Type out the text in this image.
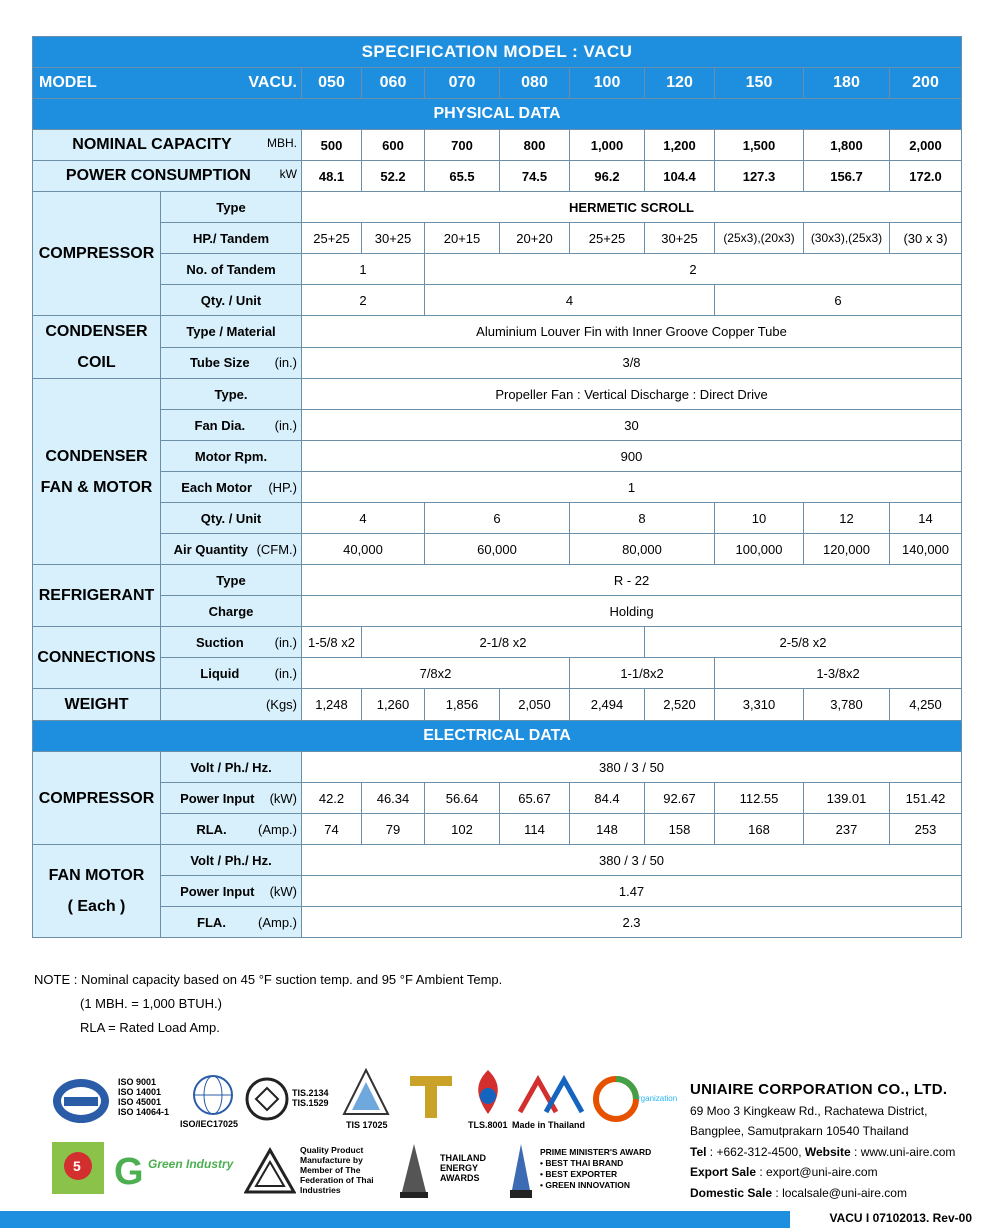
SPECIFICATION MODEL : VACU										
MODEL VACU.		050	060	070	080	100	120	150	180	200
PHYSICAL DATA										
NOMINAL CAPACITY MBH.		500	600	700	800	1,000	1,200	1,500	1,800	2,000
POWER CONSUMPTION kW		48.1	52.2	65.5	74.5	96.2	104.4	127.3	156.7	172.0
COMPRESSOR	Type	HERMETIC SCROLL								
	HP./ Tandem	25+25	30+25	20+15	20+20	25+25	30+25	(25x3),(20x3)	(30x3),(25x3)	(30 x 3)
	No. of Tandem	1		2						
	Qty. / Unit	2		4				6		
CONDENSER
COIL	Type / Material	Aluminium Louver Fin with Inner Groove Copper Tube								
	Tube Size (in.)	3/8								
CONDENSER
FAN & MOTOR	Type.	Propeller Fan : Vertical Discharge : Direct Drive								
	Fan Dia. (in.)	30								
	Motor Rpm.	900								
	Each Motor (HP.)	1								
	Qty. / Unit	4		6		8		10	12	14
	Air Quantity (CFM.)	40,000		60,000		80,000		100,000	120,000	140,000
REFRIGERANT	Type	R - 22								
	Charge	Holding								
CONNECTIONS	Suction (in.)	1-5/8 x2	2-1/8 x2				2-5/8 x2			
	Liquid (in.)	7/8x2				1-1/8x2		1-3/8x2		
WEIGHT	(Kgs)	1,248	1,260	1,856	2,050	2,494	2,520	3,310	3,780	4,250
ELECTRICAL DATA										
COMPRESSOR	Volt / Ph./ Hz.	380 / 3 / 50								
	Power Input (kW)	42.2	46.34	56.64	65.67	84.4	92.67	112.55	139.01	151.42
	RLA. (Amp.)	74	79	102	114	148	158	168	237	253
FAN MOTOR
( Each )	Volt / Ph./ Hz.	380 / 3 / 50								
	Power Input (kW)	1.47								
	FLA. (Amp.)	2.3								
NOTE : Nominal capacity based on 45 °F suction temp. and 95 °F Ambient Temp.
(1 MBH. = 1,000 BTUH.)
RLA = Rated Load Amp.
ISO 9001
ISO 14001
ISO 45001
ISO 14064-1
ISO/IEC17025
TIS.2134
TIS.1529
TIS 17025	TLS.8001 Made in Thailand
rganization
5 G Green Industry
Quality Product Manufacture by Member of The Federation of Thai Industries
THAILAND ENERGY AWARDS
PRIME MINISTER'S AWARD
• BEST THAI BRAND
• BEST EXPORTER
• GREEN INNOVATION
UNIAIRE CORPORATION CO., LTD.
69 Moo 3 Kingkeaw Rd., Rachatewa District,
Bangplee, Samutprakarn 10540 Thailand
Tel : +662-312-4500, Website : www.uni-aire.com
Export Sale : export@uni-aire.com
Domestic Sale : localsale@uni-aire.com
VACU I 07102013. Rev-00
